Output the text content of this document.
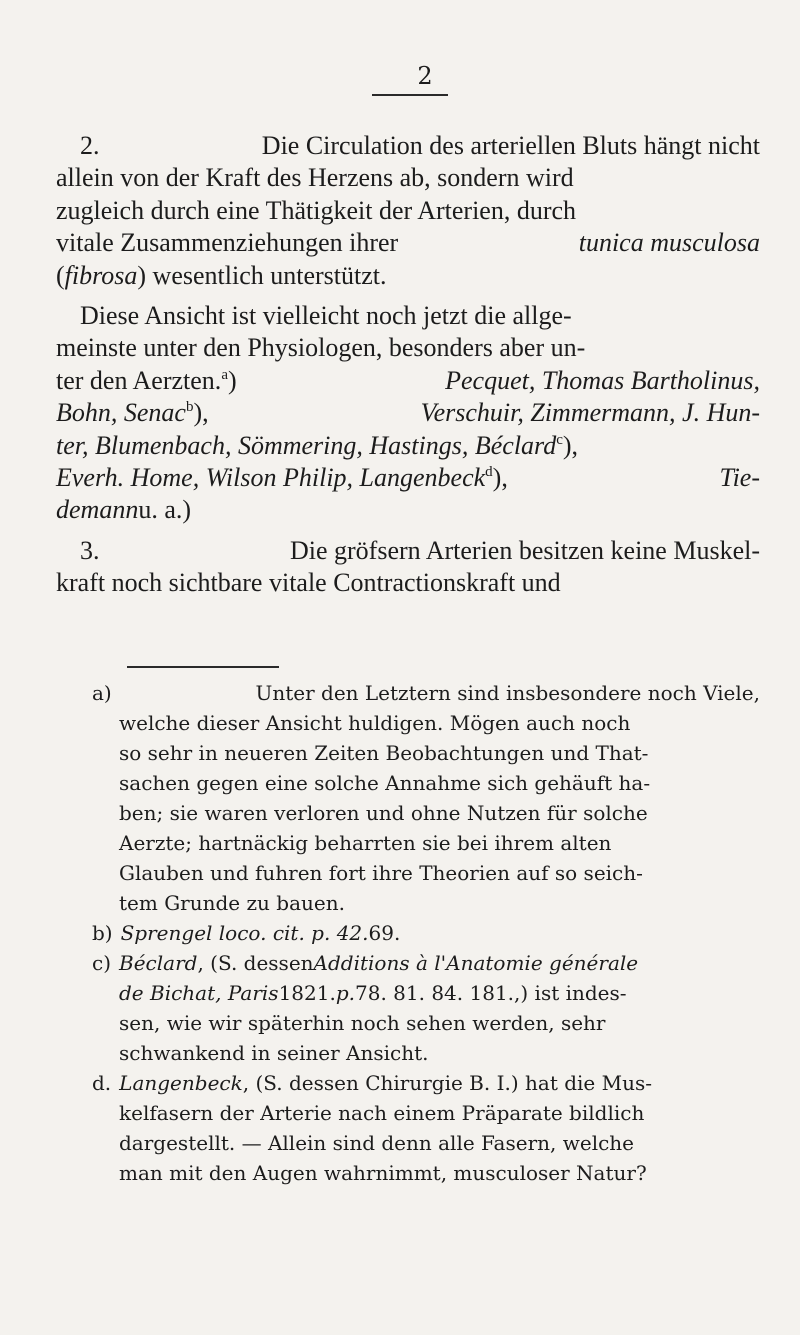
2
2.	Die Circulation des arteriellen Bluts hängt nicht
allein von der Kraft des Herzens ab, sondern wird
zugleich durch eine Thätigkeit der Arterien, durch
vitale Zusammenziehungen ihrer	tunica musculosa
( fibrosa ) wesentlich unterstützt.
Diese Ansicht ist vielleicht noch jetzt die allge-
meinste unter den Physiologen, besonders aber un-
ter den Aerzten.$^a$)	Pecquet, Thomas Bartholinus,
Bohn, Senac$^b$),	Verschuir, Zimmermann, J. Hun-
ter, Blumenbach, Sömmering, Hastings, Béclard$^c$),
Everh. Home, Wilson Philip, Langenbeck$^d$),	Tie-
demann u. a.)
3.	Die gröfsern Arterien besitzen keine Muskel-
kraft noch sichtbare vitale Contractionskraft und
a)	Unter den Letztern sind insbesondere noch Viele,
welche dieser Ansicht huldigen. Mögen auch noch
so sehr in neueren Zeiten Beobachtungen und That-
sachen gegen eine solche Annahme sich gehäuft ha-
ben; sie waren verloren und ohne Nutzen für solche
Aerzte; hartnäckig beharrten sie bei ihrem alten
Glauben und fuhren fort ihre Theorien auf so seich-
tem Grunde zu bauen.
b) Sprengel loco. cit. p. 42. 69.
c) Béclard , (S. dessen Additions à l'Anatomie générale
de Bichat, Paris 1821. p. 78. 81. 84. 181.,) ist indes-
sen, wie wir späterhin noch sehen werden, sehr
schwankend in seiner Ansicht.
d. Langenbeck , (S. dessen Chirurgie B. I.) hat die Mus-
kelfasern der Arterie nach einem Präparate bildlich
dargestellt. — Allein sind denn alle Fasern, welche
man mit den Augen wahrnimmt, musculoser Natur?
